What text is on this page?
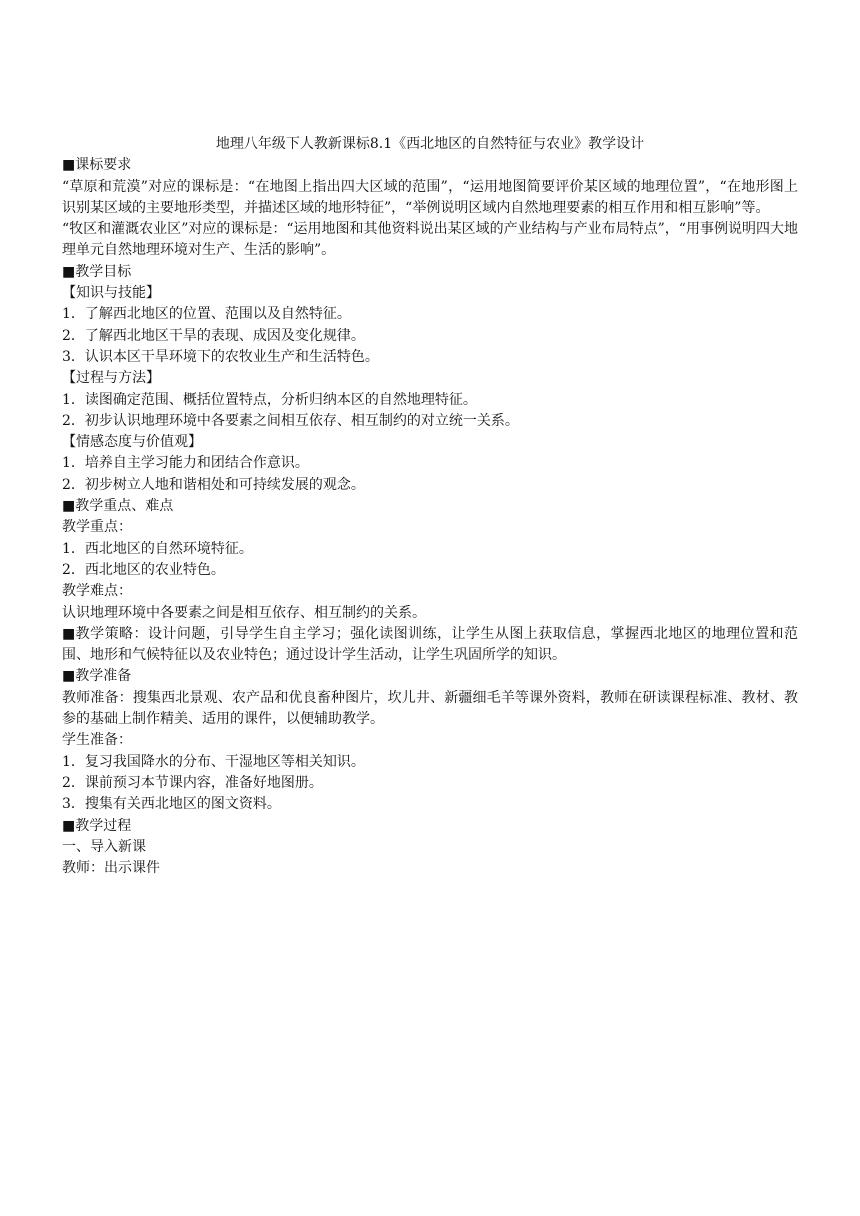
地理八年级下人教新课标8.1《西北地区的自然特征与农业》教学设计

■课标要求

“草原和荒漠”对应的课标是：“在地图上指出四大区域的范围”，“运用地图简要评价某区域的地理位置”，“在地形图上识别某区域的主要地形类型，并描述区域的地形特征”，“举例说明区域内自然地理要素的相互作用和相互影响”等。

“牧区和灌溉农业区”对应的课标是：“运用地图和其他资料说出某区域的产业结构与产业布局特点”，“用事例说明四大地理单元自然地理环境对生产、生活的影响”。

■教学目标

【知识与技能】

1．了解西北地区的位置、范围以及自然特征。

2．了解西北地区干旱的表现、成因及变化规律。

3．认识本区干旱环境下的农牧业生产和生活特色。

【过程与方法】

1．读图确定范围、概括位置特点，分析归纳本区的自然地理特征。

2．初步认识地理环境中各要素之间相互依存、相互制约的对立统一关系。

【情感态度与价值观】

1．培养自主学习能力和团结合作意识。

2．初步树立人地和谐相处和可持续发展的观念。

■教学重点、难点

教学重点：

1．西北地区的自然环境特征。

2．西北地区的农业特色。

教学难点：

认识地理环境中各要素之间是相互依存、相互制约的关系。

■教学策略：设计问题，引导学生自主学习；强化读图训练，让学生从图上获取信息，掌握西北地区的地理位置和范围、地形和气候特征以及农业特色；通过设计学生活动，让学生巩固所学的知识。

■教学准备

教师准备：搜集西北景观、农产品和优良畜种图片，坎儿井、新疆细毛羊等课外资料，教师在研读课程标准、教材、教参的基础上制作精美、适用的课件，以便辅助教学。

学生准备：

1．复习我国降水的分布、干湿地区等相关知识。

2．课前预习本节课内容，准备好地图册。

3．搜集有关西北地区的图文资料。

■教学过程

一、导入新课

教师：出示课件
